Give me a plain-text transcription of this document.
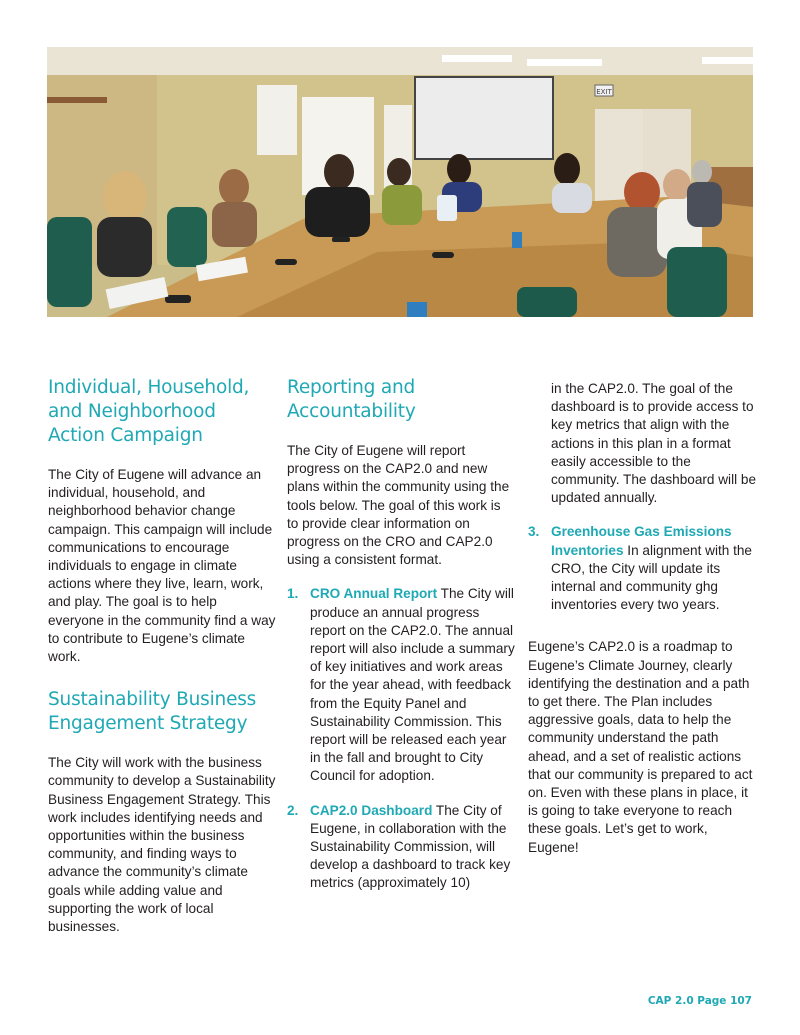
EXIT
Individual, Household, and Neighborhood Action Campaign

The City of Eugene will advance an individual, household, and neighborhood behavior change campaign. This campaign will include communications to encourage individuals to engage in climate actions where they live, learn, work, and play. The goal is to help everyone in the community find a way to contribute to Eugene’s climate work.

Sustainability Business Engagement Strategy

The City will work with the business community to develop a Sustainability Business Engagement Strategy. This work includes identifying needs and opportunities within the business community, and finding ways to advance the community’s climate goals while adding value and supporting the work of local businesses.

Reporting and Accountability

The City of Eugene will report progress on the CAP2.0 and new plans within the community using the tools below. The goal of this work is to provide clear information on progress on the CRO and CAP2.0 using a consistent format.

1. CRO Annual Report The City will produce an annual progress report on the CAP2.0. The annual report will also include a summary of key initiatives and work areas for the year ahead, with feedback from the Equity Panel and Sustainability Commission. This report will be released each year in the fall and brought to City Council for adoption.
2. CAP2.0 Dashboard The City of Eugene, in collaboration with the Sustainability Commission, will develop a dashboard to track key metrics (approximately 10)

in the CAP2.0. The goal of the dashboard is to provide access to key metrics that align with the actions in this plan in a format easily accessible to the community. The dashboard will be updated annually.

3. Greenhouse Gas Emissions Inventories In alignment with the CRO, the City will update its internal and community ghg inventories every two years.

Eugene’s CAP2.0 is a roadmap to Eugene’s Climate Journey, clearly identifying the destination and a path to get there. The Plan includes aggressive goals, data to help the community understand the path ahead, and a set of realistic actions that our community is prepared to act on. Even with these plans in place, it is going to take everyone to reach these goals. Let’s get to work, Eugene!

CAP 2.0 Page 107
